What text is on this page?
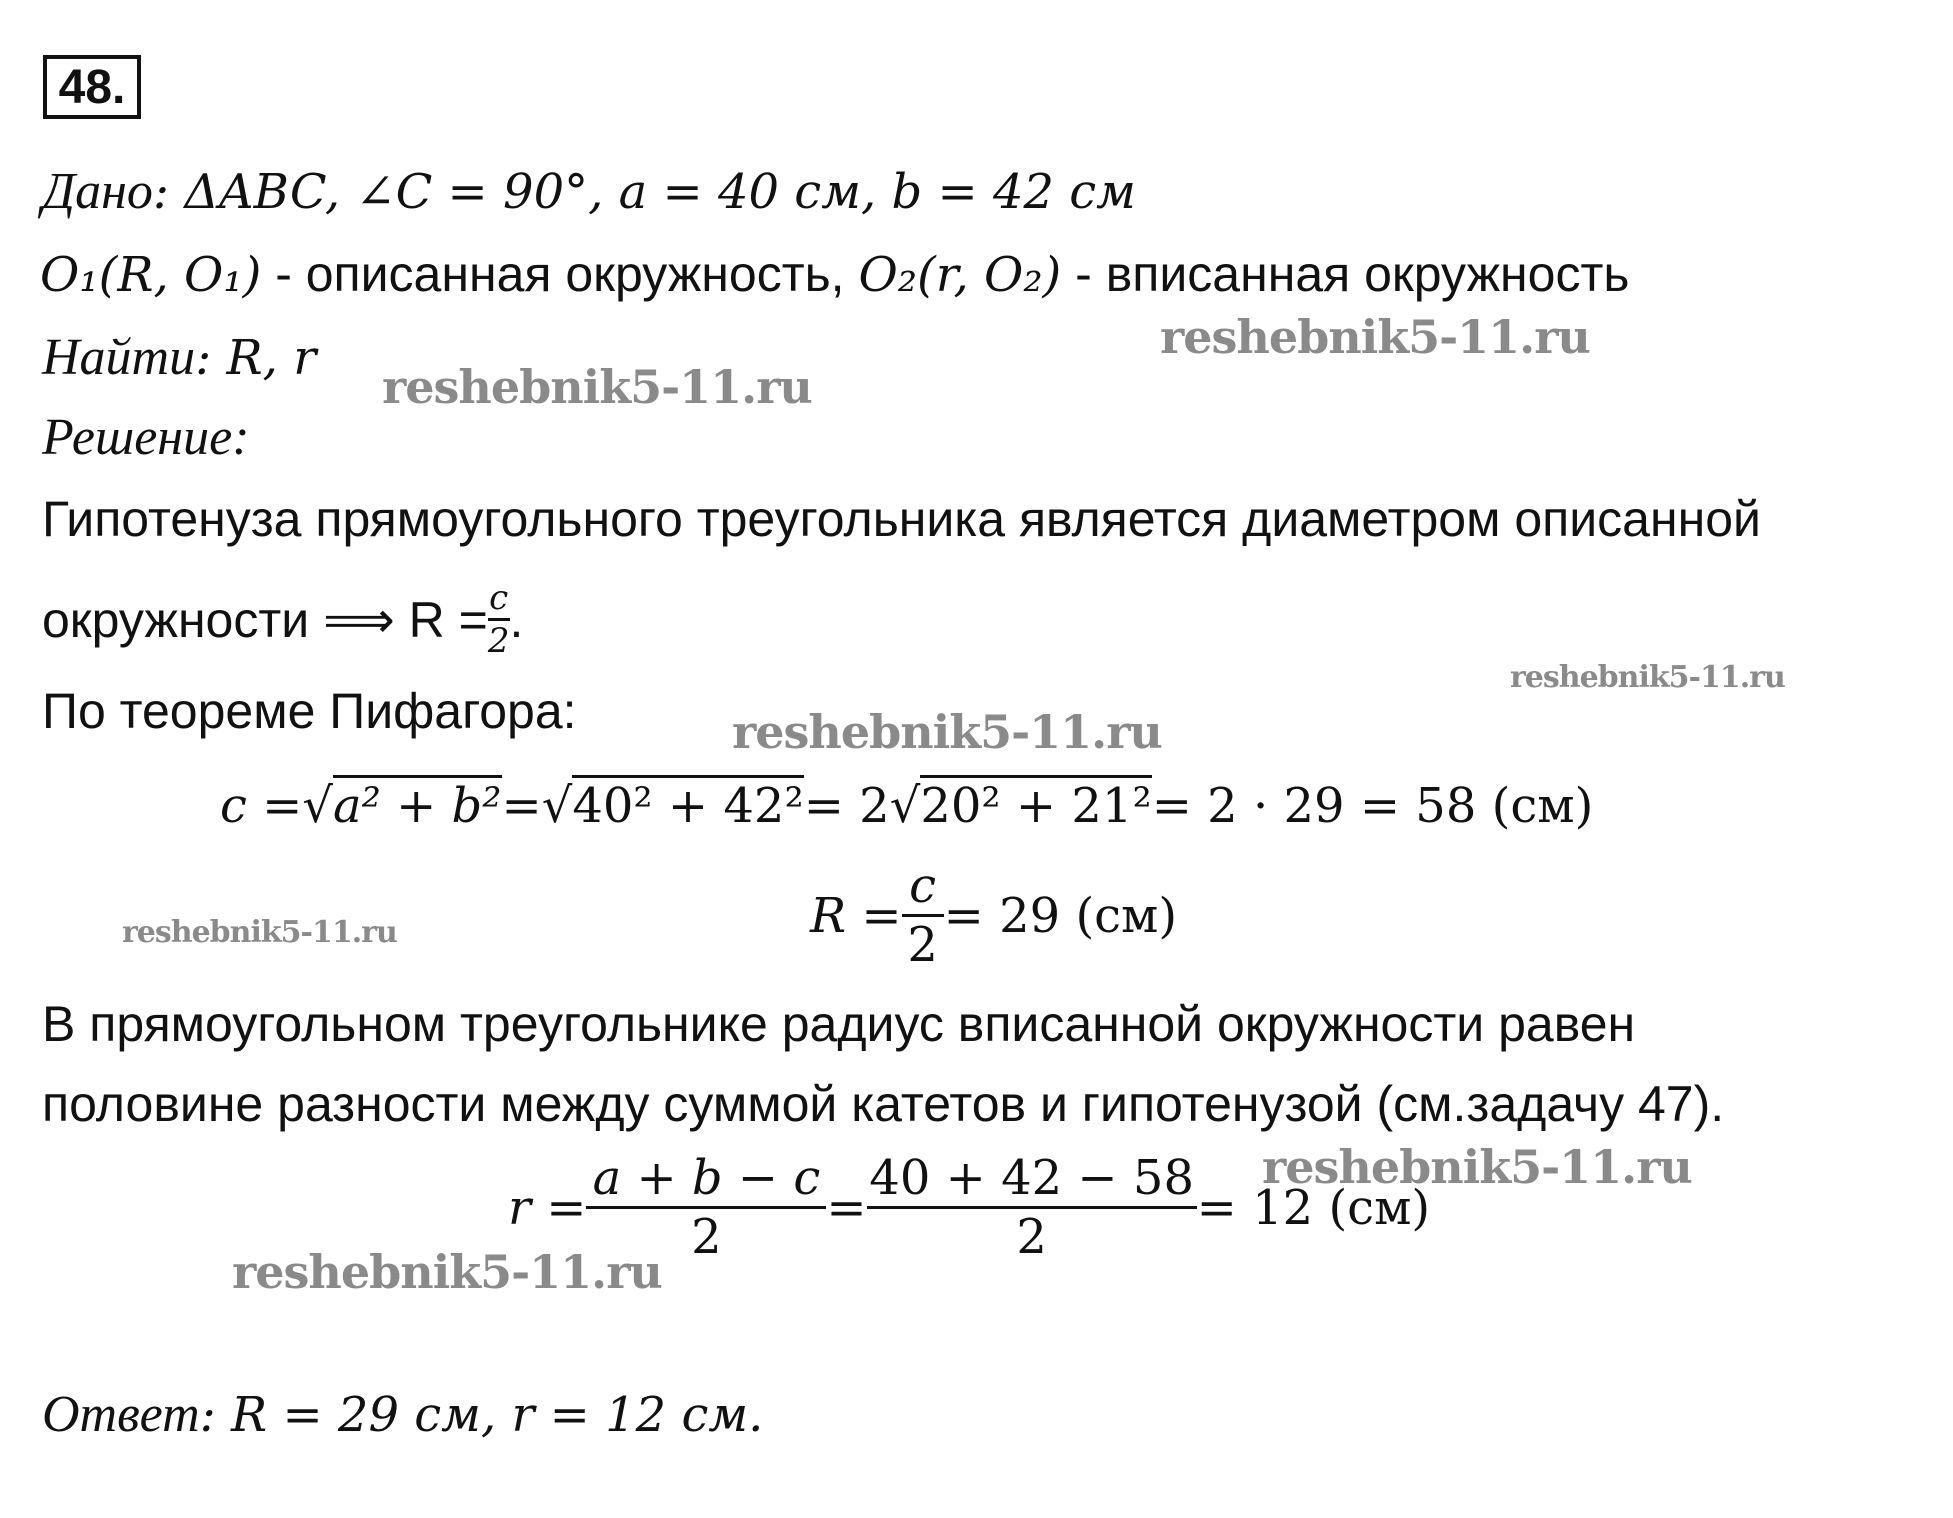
48.
Дано: ΔABC, ∠C = 90°, a = 40 см, b = 42 см
O₁(R, O₁) - описанная окружность, O₂(r, O₂) - вписанная окружность
Найти: R, r
Решение:
Гипотенуза прямоугольного треугольника является диаметром описанной
окружности ⟹ $R = \frac{c}{2}$ .
По теореме Пифагора:
c = √ a² + b² = √ 40² + 42² = 2 √ 20² + 21² = 2 · 29 = 58 (см)
$R = \frac{c}{2} = 29$ (см)
В прямоугольном треугольнике радиус вписанной окружности равен
половине разности между суммой катетов и гипотенузой (см.задачу 47).
$r = \frac{a + b - c}{2} = \frac{40 + 42 - 58}{2} = 12$ (см)
Ответ: R = 29 см, r = 12 см.
reshebnik5-11.ru
reshebnik5-11.ru
reshebnik5-11.ru
reshebnik5-11.ru
reshebnik5-11.ru
reshebnik5-11.ru
reshebnik5-11.ru
